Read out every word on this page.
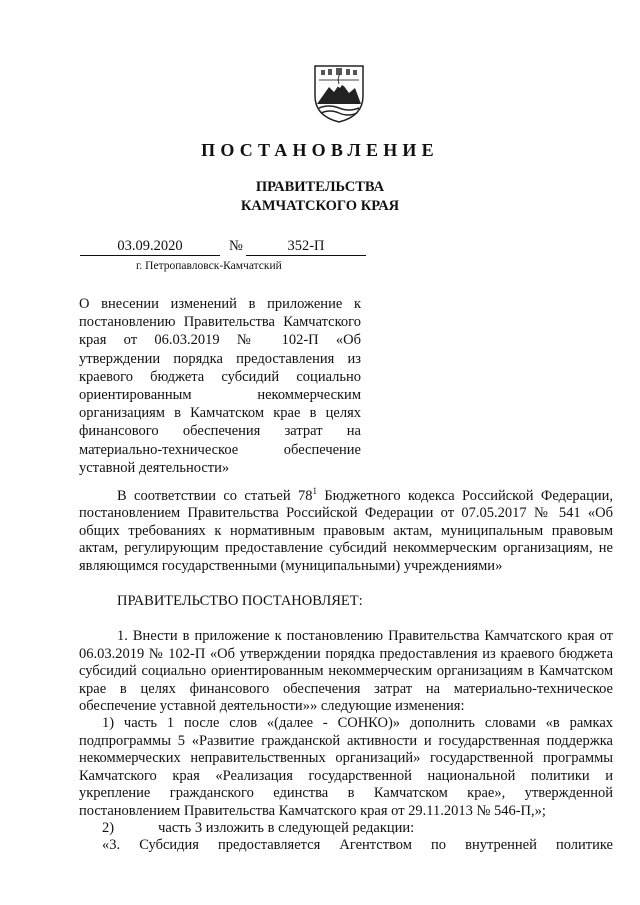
ПОСТАНОВЛЕНИЕ
ПРАВИТЕЛЬСТВА
КАМЧАТСКОГО КРАЯ
03.09.2020	№	352-П
г. Петропавловск-Камчатский

О внесении изменений в приложение к

постановлению Правительства Камчатского

края от 06.03.2019 № 102-П «Об

утверждении порядка предоставления из

краевого бюджета субсидий социально

ориентированным некоммерческим

организациям в Камчатском крае в целях

финансового обеспечения затрат на

материально-техническое обеспечение

уставной деятельности»

В соответствии со статьей $78^1$ Бюджетного кодекса Российской Федерации, постановлением Правительства Российской Федерации от 07.05.2017 № 541 «Об общих требованиях к нормативным правовым актам, муниципальным правовым актам, регулирующим предоставление субсидий некоммерческим организациям, не являющимся государственными (муниципальными) учреждениями»

ПРАВИТЕЛЬСТВО ПОСТАНОВЛЯЕТ:

1. Внести в приложение к постановлению Правительства Камчатского края от 06.03.2019 № 102-П «Об утверждении порядка предоставления из краевого бюджета субсидий социально ориентированным некоммерческим организациям в Камчатском крае в целях финансового обеспечения затрат на материально-техническое обеспечение уставной деятельности»» следующие изменения:

1) часть 1 после слов «(далее - СОНКО)» дополнить словами «в рамках подпрограммы 5 «Развитие гражданской активности и государственная поддержка некоммерческих неправительственных организаций» государственной программы Камчатского края «Реализация государственной национальной политики и укрепление гражданского единства в Камчатском крае», утвержденной постановлением Правительства Камчатского края от 29.11.2013 № 546-П,»;

2)	часть 3 изложить в следующей редакции:

«3. Субсидия предоставляется Агентством по внутренней политике
